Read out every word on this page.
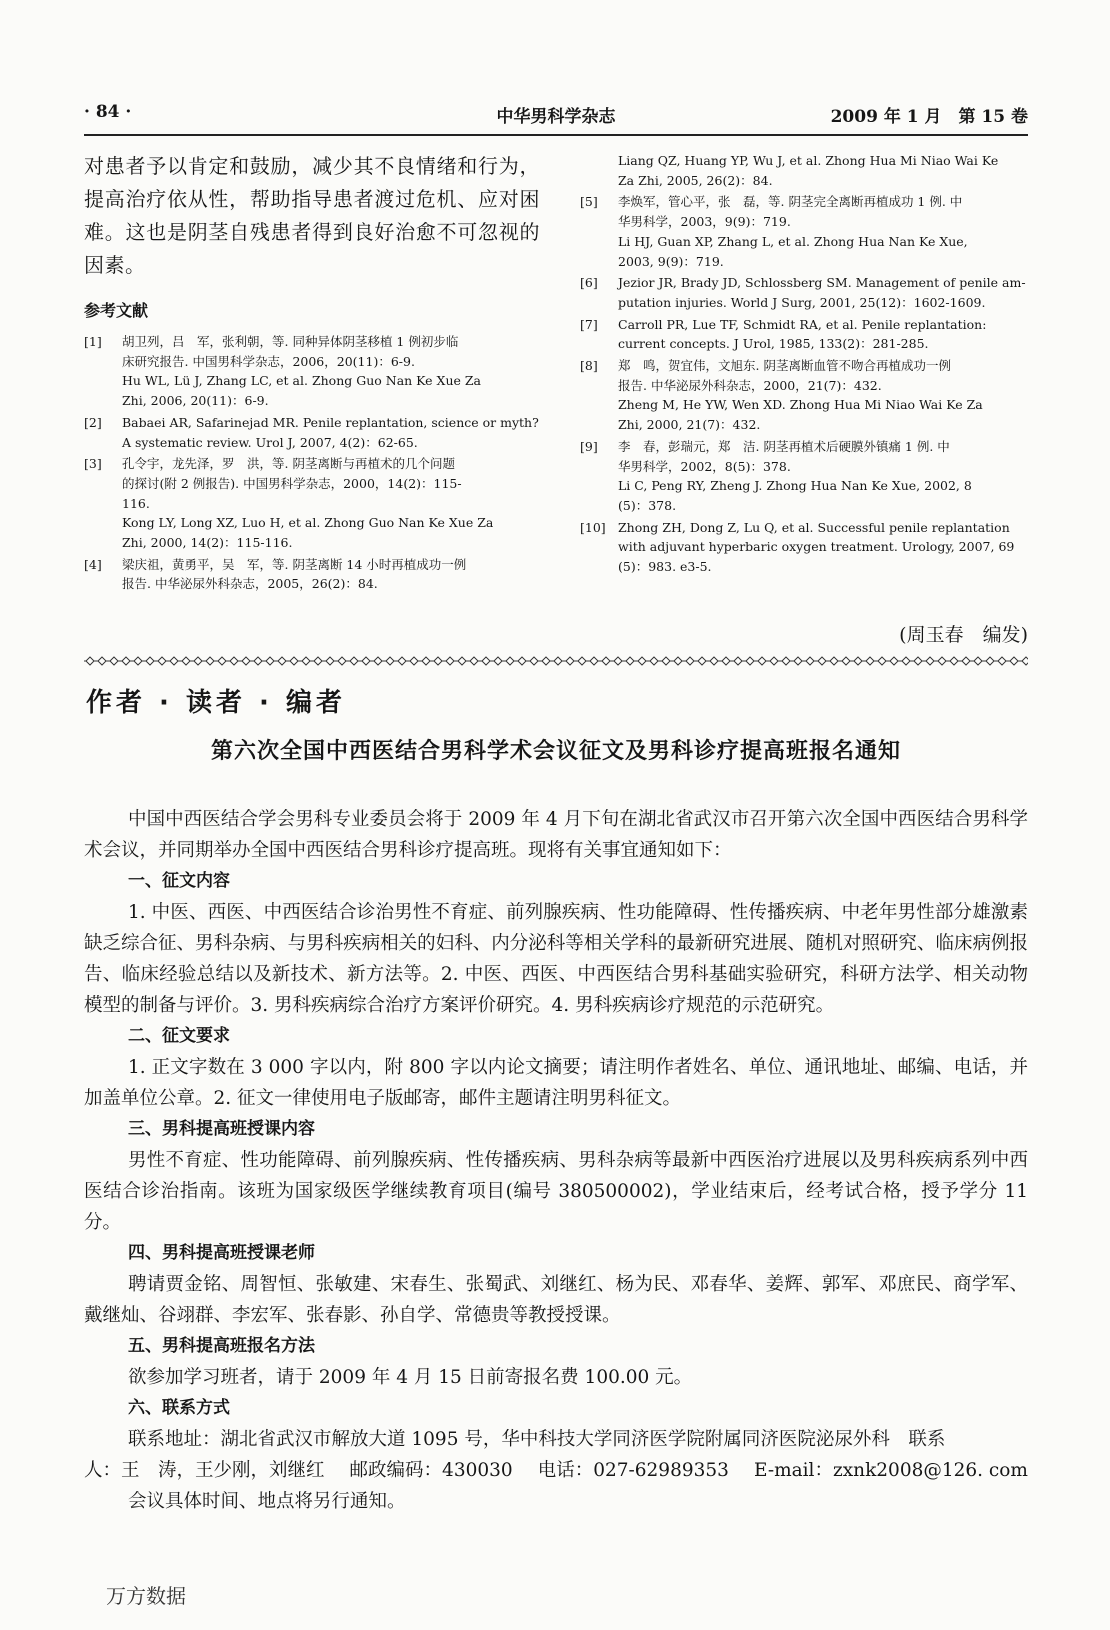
· 84 ·	中华男科学杂志	2009 年 1 月　第 15 卷
对患者予以肯定和鼓励，减少其不良情绪和行为，提高治疗依从性，帮助指导患者渡过危机、应对困难。这也是阴茎自残患者得到良好治愈不可忽视的因素。
参考文献
[1]	胡卫列，吕　军，张利朝，等. 同种异体阴茎移植 1 例初步临
床研究报告. 中国男科学杂志，2006，20(11)：6-9.
Hu WL, Lü J, Zhang LC, et al. Zhong Guo Nan Ke Xue Za
Zhi, 2006, 20(11)：6-9.
[2]	Babaei AR, Safarinejad MR. Penile replantation, science or myth?
A systematic review. Urol J, 2007, 4(2)：62-65.
[3]	孔令宇，龙先泽，罗　洪，等. 阴茎离断与再植术的几个问题
的探讨(附 2 例报告). 中国男科学杂志，2000，14(2)：115-
116.
Kong LY, Long XZ, Luo H, et al. Zhong Guo Nan Ke Xue Za
Zhi, 2000, 14(2)：115-116.
[4]	梁庆祖，黄勇平，吴　军，等. 阴茎离断 14 小时再植成功一例
报告. 中华泌尿外科杂志，2005，26(2)：84.
Liang QZ, Huang YP, Wu J, et al. Zhong Hua Mi Niao Wai Ke
Za Zhi, 2005, 26(2)：84.
[5]	李焕军，管心平，张　磊，等. 阴茎完全离断再植成功 1 例. 中
华男科学，2003，9(9)：719.
Li HJ, Guan XP, Zhang L, et al. Zhong Hua Nan Ke Xue,
2003, 9(9)：719.
[6]	Jezior JR, Brady JD, Schlossberg SM. Management of penile am-
putation injuries. World J Surg, 2001, 25(12)：1602-1609.
[7]	Carroll PR, Lue TF, Schmidt RA, et al. Penile replantation:
current concepts. J Urol, 1985, 133(2)：281-285.
[8]	郑　鸣，贺宜伟，文旭东. 阴茎离断血管不吻合再植成功一例
报告. 中华泌尿外科杂志，2000，21(7)：432.
Zheng M, He YW, Wen XD. Zhong Hua Mi Niao Wai Ke Za
Zhi, 2000, 21(7)：432.
[9]	李　春，彭瑞元，郑　洁. 阴茎再植术后硬膜外镇痛 1 例. 中
华男科学，2002，8(5)：378.
Li C, Peng RY, Zheng J. Zhong Hua Nan Ke Xue, 2002, 8
(5)：378.
[10] Zhong ZH, Dong Z, Lu Q, et al. Successful penile replantation
with adjuvant hyperbaric oxygen treatment. Urology, 2007, 69
(5)：983. e3-5.
(周玉春　编发)
作者 · 读者 · 编者
第六次全国中西医结合男科学术会议征文及男科诊疗提高班报名通知

中国中西医结合学会男科专业委员会将于 2009 年 4 月下旬在湖北省武汉市召开第六次全国中西医结合男科学术会议，并同期举办全国中西医结合男科诊疗提高班。现将有关事宜通知如下：

一、征文内容

1. 中医、西医、中西医结合诊治男性不育症、前列腺疾病、性功能障碍、性传播疾病、中老年男性部分雄激素缺乏综合征、男科杂病、与男科疾病相关的妇科、内分泌科等相关学科的最新研究进展、随机对照研究、临床病例报告、临床经验总结以及新技术、新方法等。2. 中医、西医、中西医结合男科基础实验研究，科研方法学、相关动物模型的制备与评价。3. 男科疾病综合治疗方案评价研究。4. 男科疾病诊疗规范的示范研究。

二、征文要求

1. 正文字数在 3 000 字以内，附 800 字以内论文摘要；请注明作者姓名、单位、通讯地址、邮编、电话，并加盖单位公章。2. 征文一律使用电子版邮寄，邮件主题请注明男科征文。

三、男科提高班授课内容

男性不育症、性功能障碍、前列腺疾病、性传播疾病、男科杂病等最新中西医治疗进展以及男科疾病系列中西医结合诊治指南。该班为国家级医学继续教育项目(编号 380500002)，学业结束后，经考试合格，授予学分 11 分。

四、男科提高班授课老师

聘请贾金铭、周智恒、张敏建、宋春生、张蜀武、刘继红、杨为民、邓春华、姜辉、郭军、邓庶民、商学军、戴继灿、谷翊群、李宏军、张春影、孙自学、常德贵等教授授课。

五、男科提高班报名方法

欲参加学习班者，请于 2009 年 4 月 15 日前寄报名费 100.00 元。

六、联系方式

联系地址：湖北省武汉市解放大道 1095 号，华中科技大学同济医学院附属同济医院泌尿外科　联系

人：王　涛，王少刚，刘继红 邮政编码：430030 电话：027-62989353 E-mail：zxnk2008@126. com

会议具体时间、地点将另行通知。

万方数据
